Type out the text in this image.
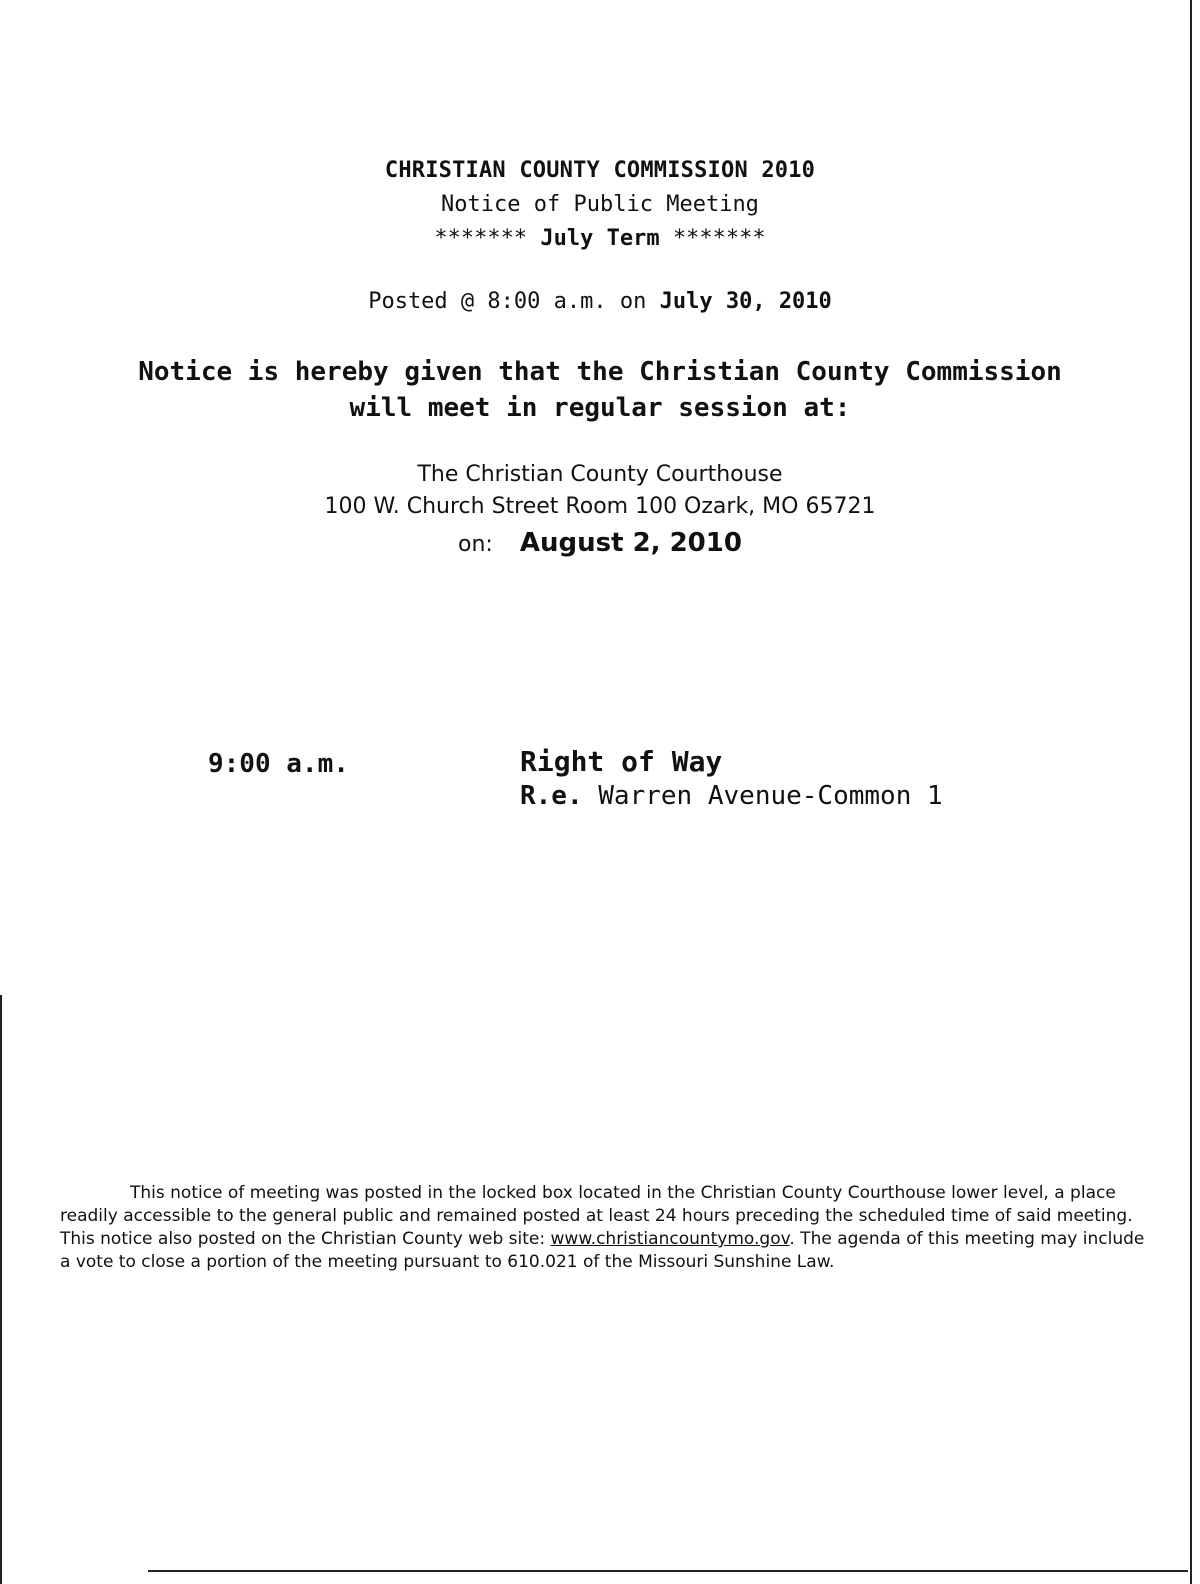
CHRISTIAN COUNTY COMMISSION 2010
Notice of Public Meeting
******* July Term *******
Posted @ 8:00 a.m. on July 30, 2010
Notice is hereby given that the Christian County Commission
will meet in regular session at:
The Christian County Courthouse
100 W. Church Street Room 100 Ozark, MO 65721
on: August 2, 2010
9:00 a.m.	Right of Way
R.e. Warren Avenue-Common 1
This notice of meeting was posted in the locked box located in the Christian County Courthouse lower level, a place readily accessible to the general public and remained posted at least 24 hours preceding the scheduled time of said meeting. This notice also posted on the Christian County web site: www.christiancountymo.gov. The agenda of this meeting may include a vote to close a portion of the meeting pursuant to 610.021 of the Missouri Sunshine Law.
